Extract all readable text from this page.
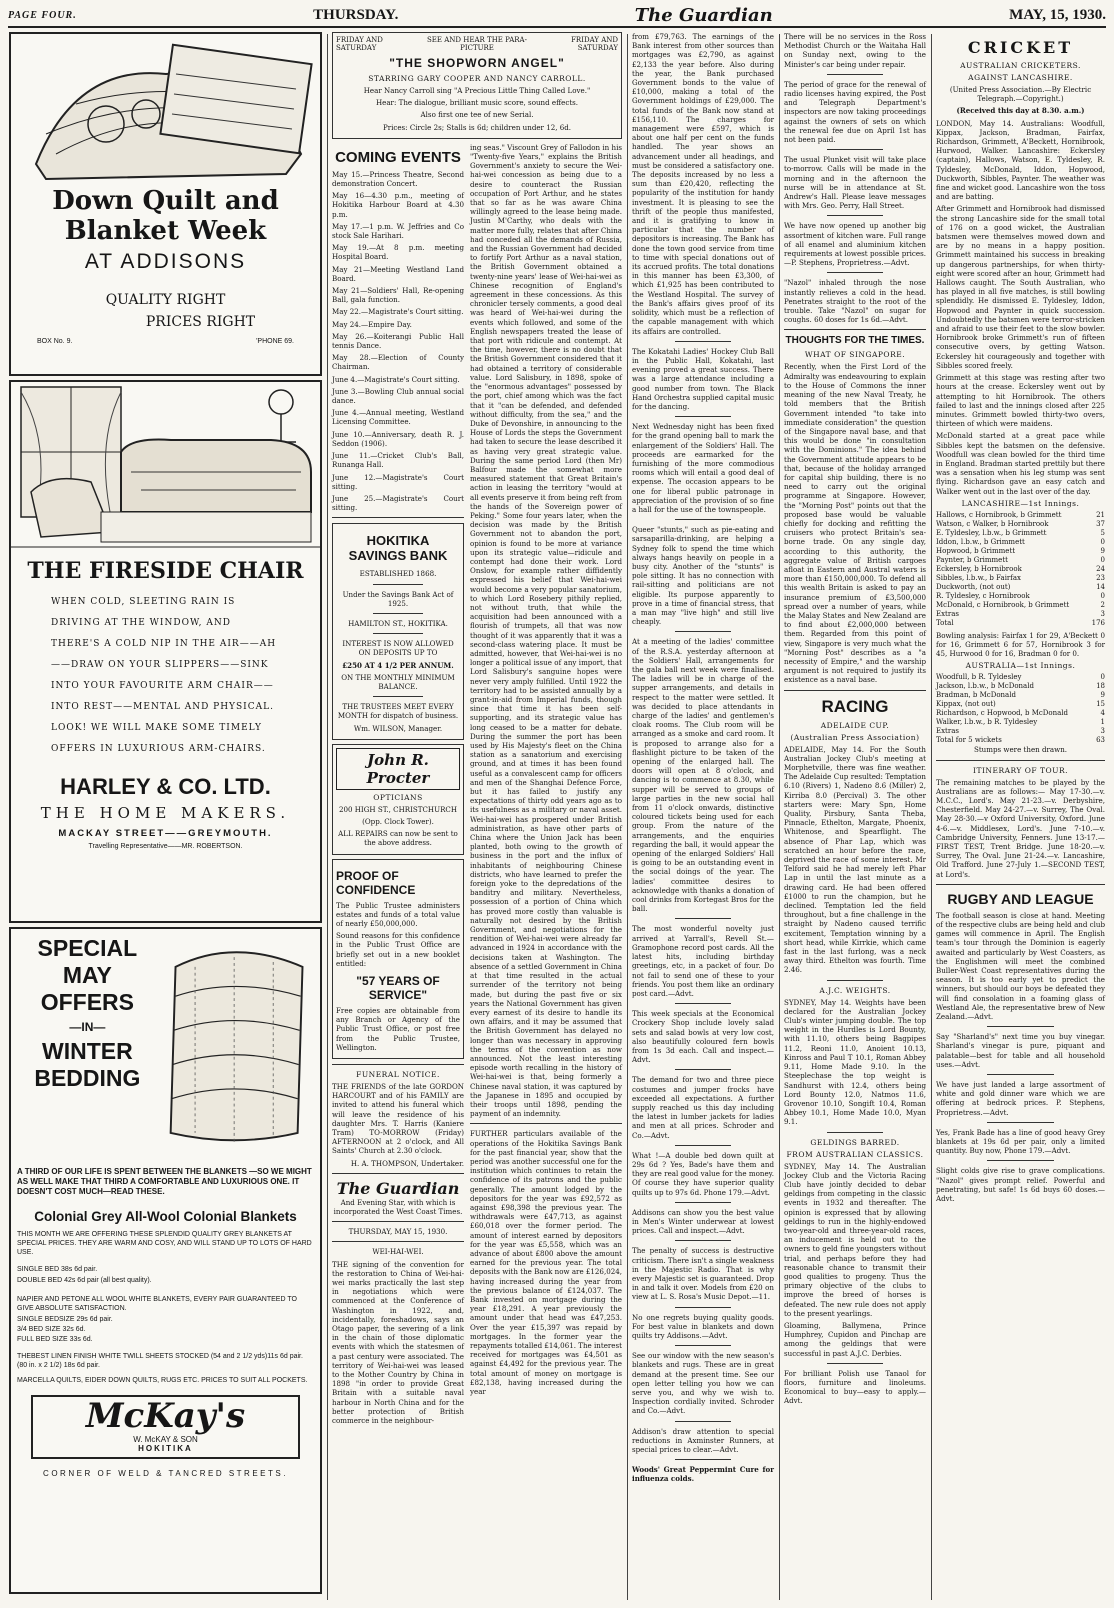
PAGE FOUR.	THURSDAY.	The Guardian	MAY, 15, 1930.
Down Quilt and
Blanket Week
AT ADDISONS
QUALITY RIGHT
PRICES RIGHT
BOX No. 9.	'PHONE 69.
THE FIRESIDE CHAIR
WHEN COLD, SLEETING RAIN IS DRIVING AT THE WINDOW, AND THERE'S A COLD NIP IN THE AIR——AH——DRAW ON YOUR SLIPPERS——SINK INTO YOUR FAVOURITE ARM CHAIR——INTO REST——MENTAL AND PHYSICAL. LOOK! WE WILL MAKE SOME TIMELY OFFERS IN LUXURIOUS ARM-CHAIRS.
HARLEY & CO. LTD.
THE HOME MAKERS.
MACKAY STREET——GREYMOUTH.
Travelling Representative——MR. ROBERTSON.
SPECIAL
MAY
OFFERS
—IN—
WINTER
BEDDING
A THIRD OF OUR LIFE IS SPENT BETWEEN THE BLANKETS —SO WE MIGHT AS WELL MAKE THAT THIRD A COMFORTABLE AND LUXURIOUS ONE. IT DOESN'T COST MUCH—READ THESE.
Colonial Grey All-Wool Colonial Blankets
THIS MONTH WE ARE OFFERING THESE SPLENDID QUALITY GREY BLANKETS AT SPECIAL PRICES. THEY ARE WARM AND COSY, AND WILL STAND UP TO LOTS OF HARD USE.
SINGLE BED 38s 6d pair.
DOUBLE BED 42s 6d pair (all best quality).
NAPIER AND PETONE ALL WOOL WHITE BLANKETS, EVERY PAIR GUARANTEED TO GIVE ABSOLUTE SATISFACTION.
SINGLE BEDSIZE 29s 6d pair.
3/4 BED SIZE 32s 6d.
FULL BED SIZE 33s 6d.
THEBEST LINEN FINISH WHITE TWILL SHEETS STOCKED (54 and 2 1/2 yds)11s 6d pair. (80 in. x 2 1/2) 18s 6d pair.
MARCELLA QUILTS, EIDER DOWN QUILTS, RUGS ETC. PRICES TO SUIT ALL POCKETS.
McKay's
W. McKAY & SON
HOKITIKA
CORNER OF WELD & TANCRED STREETS.
FRIDAY AND SATURDAY
SEE AND HEAR THE PARA- PICTURE
FRIDAY AND SATURDAY
"THE SHOPWORN ANGEL"
STARRING GARY COOPER AND NANCY CARROLL.

Hear Nancy Carroll sing "A Precious Little Thing Called Love."

Hear: The dialogue, brilliant music score, sound effects.

Also first one tee of new Serial.

Prices: Circle 2s; Stalls is 6d; children under 12, 6d.

COMING EVENTS

May 15.—Princess Theatre, Second demonstration Concert.

May 16—4.30 p.m., meeting of Hokitika Harbour Board at 4.30 p.m.

May 17.—1 p.m. W. Jeffries and Co stock Sale Harihari.

May 19.—At 8 p.m. meeting Hospital Board.

May 21—Meeting Westland Land Board.

May 21—Soldiers' Hall, Re-opening Ball, gala function.

May 22.—Magistrate's Court sitting.

May 24.—Empire Day.

May 26.—Koiterangi Public Hall tennis Dance.

May 28.—Election of County Chairman.

June 4.—Magistrate's Court sitting.

June 3.—Bowling Club annual social dance.

June 4.—Annual meeting, Westland Licensing Committee.

June 10.—Anniversary, death R. J. Seddon (1906).

June 11.—Cricket Club's Ball, Runanga Hall.

June 12.—Magistrate's Court sitting.

June 25.—Magistrate's Court sitting.

HOKITIKA
SAVINGS BANK

ESTABLISHED 1868.

Under the Savings Bank Act of 1925.

HAMILTON ST., HOKITIKA.

INTEREST IS NOW ALLOWED ON DEPOSITS UP TO

£250 AT 4 1/2 PER ANNUM.

ON THE MONTHLY MINIMUM BALANCE.

THE TRUSTEES MEET EVERY MONTH for dispatch of business.

Wm. WILSON, Manager.

John R. Procter
OPTICIANS

200 HIGH ST., CHRISTCHURCH

(Opp. Clock Tower).

ALL REPAIRS can now be sent to the above address.

PROOF OF CONFIDENCE

The Public Trustee administers estates and funds of a total value of nearly £50,000,000.

Sound reasons for this confidence in the Public Trust Office are briefly set out in a new booklet entitled:

"57 YEARS OF SERVICE"

Free copies are obtainable from any Branch or Agency of the Public Trust Office, or post free from the Public Trustee, Wellington.

FUNERAL NOTICE.

THE FRIENDS of the late GORDON HARCOURT and of his FAMILY are invited to attend his funeral which will leave the residence of his daughter Mrs. T. Harris (Kaniere Tram) TO-MORROW (Friday) AFTERNOON at 2 o'clock, and All Saints' Church at 2.30 o'clock.

H. A. THOMPSON, Undertaker.

The Guardian

And Evening Star, with which is incorporated the West Coast Times.

THURSDAY, MAY 15, 1930.

WEI-HAI-WEI.

THE signing of the convention for the restoration to China of Wei-hai-wei marks practically the last step in negotiations which were commenced at the Conference of Washington in 1922, and, incidentally, foreshadows, says an Otago paper, the severing of a link in the chain of those diplomatic events with which the statesmen of a past century were associated. The territory of Wei-hai-wei was leased to the Mother Country by China in 1898 "in order to provide Great Britain with a suitable naval harbour in North China and for the better protection of British commerce in the neighbour-

ing seas." Viscount Grey of Fallodon in his "Twenty-five Years," explains the British Government's anxiety to secure the Wei-hai-wei concession as being due to a desire to counteract the Russian occupation of Port Arthur, and he states that so far as he was aware China willingly agreed to the lease being made. Justin M'Carthy, who deals with the matter more fully, relates that after China had conceded all the demands of Russia, and the Russian Government had decided to fortify Port Arthur as a naval station, the British Government obtained a twenty-nine years' lease of Wei-hai-wei as Chinese recognition of England's agreement in these concessions. As this chronicler tersely comments, a good deal was heard of Wei-hai-wei during the events which followed, and some of the English newspapers treated the lease of that port with ridicule and contempt. At the time, however, there is no doubt that the British Government considered that it had obtained a territory of considerable value. Lord Salisbury, in 1898, spoke of the "enormous advantages" possessed by the port, chief among which was the fact that it "can be defended, and defended without difficulty, from the sea," and the Duke of Devonshire, in announcing to the House of Lords the steps the Government had taken to secure the lease described it as having very great strategic value. During the same period Lord (then Mr) Balfour made the somewhat more measured statement that Great Britain's action in leasing the territory "would at all events preserve it from being reft from the hands of the Sovereign power of Peking." Some four years later, when the decision was made by the British Government not to abandon the port, opinion is found to be more at variance upon its strategic value—ridicule and contempt had done their work. Lord Onslow, for example rather diffidently expressed his belief that Wei-hai-wei would become a very popular sanatorium, to which Lord Rosebery pithily replied, not without truth, that while the acquisition had been announced with a flourish of trumpets, all that was now thought of it was apparently that it was a second-class watering place. It must be admitted, however, that Wei-hai-wei is no longer a political issue of any import, that Lord Salisbury's sanguine hopes were never very amply fulfilled. Until 1922 the territory had to be assisted annually by a grant-in-aid from Imperial funds, though since that time it has been self-supporting, and its strategic value has long ceased to be a matter for debate. During the summer the port has been used by His Majesty's fleet on the China station as a sanatorium and exercising ground, and at times it has been found useful as a convalescent camp for officers and men of the Shanghai Defence Force, but it has failed to justify any expectations of thirty odd years ago as to its usefulness as a military or naval asset. Wei-hai-wei has prospered under British administration, as have other parts of China where the Union Jack has been planted, both owing to the growth of business in the port and the influx of inhabitants of neighbouring Chinese districts, who have learned to prefer the foreign yoke to the depredations of the banditry and military. Nevertheless, possession of a portion of China which has proved more costly than valuable is naturally not desired by the British Government, and negotiations for the rendition of Wei-hai-wei were already far advanced in 1924 in accordance with the decisions taken at Washington. The absence of a settled Government in China at that time resulted in the actual surrender of the territory not being made, but during the past five or six years the National Government has given every earnest of its desire to handle its own affairs, and it may be assumed that the British Government has delayed no longer than was necessary in approving the terms of the convention as now announced. Not the least interesting episode worth recalling in the history of Wei-hai-wei is that, being formerly a Chinese naval station, it was captured by the Japanese in 1895 and occupied by their troops until 1898, pending the payment of an indemnity.

FURTHER particulars available of the operations of the Hokitika Savings Bank for the past financial year, show that the period was another successful one for the institution which continues to retain the confidence of its patrons and the public generally. The amount lodged by the depositors for the year was £92,572 as against £98,398 the previous year. The withdrawals were £47,713, as against £60,018 over the former period. The amount of interest earned by depositors for the year was £5,558, which was an advance of about £800 above the amount earned for the previous year. The total deposits with the Bank now are £126,024, having increased during the year from the previous balance of £124,037. The Bank invested on mortgage during the year £18,291. A year previously the amount under that head was £47,253. Over the year £15,397 was repaid by mortgages. In the former year the repayments totalled £14,061. The interest received for mortgages was £4,501 as against £4,492 for the previous year. The total amount of money on mortgage is £82,138, having increased during the year

from £79,763. The earnings of the Bank interest from other sources than mortgages was £2,790, as against £2,133 the year before. Also during the year, the Bank purchased Government bonds to the value of £10,000, making a total of the Government holdings of £29,000. The total funds of the Bank now stand at £156,110. The charges for management were £597, which is about one half per cent on the funds handled. The year shows an advancement under all headings, and must be considered a satisfactory one. The deposits increased by no less a sum than £20,420, reflecting the popularity of the institution for handy investment. It is pleasing to see the thrift of the people thus manifested, and it is gratifying to know in particular that the number of depositors is increasing. The Bank has done the town good service from time to time with special donations out of its accrued profits. The total donations in this manner has been £3,300, of which £1,925 has been contributed to the Westland Hospital. The survey of the Bank's affairs gives proof of its solidity, which must be a reflection of the capable management with which its affairs are controlled.

The Kokatahi Ladies' Hockey Club Ball in the Public Hall, Kokatahi, last evening proved a great success. There was a large attendance including a good number from town. The Black Hand Orchestra supplied capital music for the dancing.

Next Wednesday night has been fixed for the grand opening ball to mark the enlargement of the Soldiers' Hall. The proceeds are earmarked for the furnishing of the more commodious rooms which will entail a good deal of expense. The occasion appears to be one for liberal public patronage in appreciation of the provision of so fine a hall for the use of the townspeople.

Queer "stunts," such as pie-eating and sarsaparilla-drinking, are helping a Sydney folk to spend the time which always hangs heavily on people in a busy city. Another of the "stunts" is pole sitting. It has no connection with rail-sitting and politicians are not eligible. Its purpose apparently to prove in a time of financial stress, that a man may "live high" and still live cheaply.

At a meeting of the ladies' committee of the R.S.A. yesterday afternoon at the Soldiers' Hall, arrangements for the gala ball next week were finalised. The ladies will be in charge of the supper arrangements, and details in respect to the matter were settled. It was decided to place attendants in charge of the ladies' and gentlemen's cloak rooms. The Club room will be arranged as a smoke and card room. It is proposed to arrange also for a flashlight picture to be taken of the opening of the enlarged hall. The doors will open at 8 o'clock, and dancing is to commence at 8.30, while supper will be served to groups of large parties in the new social hall from 11 o'clock onwards, distinctive coloured tickets being used for each group. From the nature of the arrangements, and the enquiries regarding the ball, it would appear the opening of the enlarged Soldiers' Hall is going to be an outstanding event in the social doings of the year. The ladies' committee desires to acknowledge with thanks a donation of cool drinks from Kortegast Bros for the ball.

The most wonderful novelty just arrived at Yarrall's, Revell St.—Gramophone record post cards. All the latest hits, including birthday greetings, etc, in a packet of four. Do not fail to send one of these to your friends. You post them like an ordinary post card.—Advt.

This week specials at the Economical Crockery Shop include lovely salad sets and salad bowls at very low cost, also beautifully coloured fern bowls from 1s 3d each. Call and inspect.—Advt.

The demand for two and three piece costumes and jumper frocks have exceeded all expectations. A further supply reached us this day including the latest in lumber jackets for ladies and men at all prices. Schroder and Co.—Advt.

What !—A double bed down quilt at 29s 6d ? Yes, Bade's have them and they are real good value for the money. Of course they have superior quality quilts up to 97s 6d. Phone 179.—Advt.

Addisons can show you the best value in Men's Winter underwear at lowest prices. Call and inspect.—Advt.

The penalty of success is destructive criticism. There isn't a single weakness in the Majestic Radio. That is why every Majestic set is guaranteed. Drop in and talk it over. Models from £20 on view at L. S. Rosa's Music Depot.—11.

No one regrets buying quality goods. For best value in blankets and down quilts try Addisons.—Advt.

See our window with the new season's blankets and rugs. These are in great demand at the present time. See our open letter telling you how we can serve you, and why we wish to. Inspection cordially invited. Schroder and Co.—Advt.

Addison's draw attention to special reductions in Axminster Runners, at special prices to clear.—Advt.

Woods' Great Peppermint Cure for influenza colds.

There will be no services in the Ross Methodist Church or the Waitaha Hall on Sunday next, owing to the Minister's car being under repair.

The period of grace for the renewal of radio licenses having expired, the Post and Telegraph Department's inspectors are now taking proceedings against the owners of sets on which the renewal fee due on April 1st has not been paid.

The usual Plunket visit will take place to-morrow. Calls will be made in the morning and in the afternoon the nurse will be in attendance at St. Andrew's Hall. Please leave messages with Mrs. Geo. Perry, Hall Street.

We have now opened up another big assortment of kitchen ware. Full range of all enamel and aluminium kitchen requirements at lowest possible prices.—P. Stephens, Proprietress.—Advt.

"Nazol" inhaled through the nose instantly relieves a cold in the head. Penetrates straight to the root of the trouble. Take "Nazol" on sugar for coughs. 60 doses for 1s 6d.—Advt.

THOUGHTS FOR THE TIMES.
WHAT OF SINGAPORE.

Recently, when the First Lord of the Admiralty was endeavouring to explain to the House of Commons the inner meaning of the new Naval Treaty, he told members that the British Government intended "to take into immediate consideration" the question of the Singapore naval base, and that this would be done "in consultation with the Dominions." The idea behind the Government attitude appears to be that, because of the holiday arranged for capital ship building, there is no need to carry out the original programme at Singapore. However, the "Morning Post" points out that the proposed base would be valuable chiefly for docking and refitting the cruisers who protect Britain's sea-borne trade. On any single day, according to this authority, the aggregate value of British cargoes afloat in Eastern and Austral waters is more than £150,000,000. To defend all this wealth Britain is asked to pay an insurance premium of £3,500,000 spread over a number of years, while the Malay States and New Zealand are to find about £2,000,000 between them. Regarded from this point of view, Singapore is very much what the "Morning Post" describes as a "a necessity of Empire," and the warship argument is not required to justify its existence as a naval base.

RACING
ADELAIDE CUP.
(Australian Press Association)

ADELAIDE, May 14. For the South Australian Jockey Club's meeting at Morphetville, there was fine weather. The Adelaide Cup resulted: Temptation 6.10 (Rivers) 1, Nadeno 8.6 (Miller) 2, Kirriba 8.0 (Percival) 3. The other starters were: Mary Spn, Home Quality, Pirsbury, Santa Theba, Pinnacle, Ethelton, Margate, Phoenix, Whitenose, and Spearflight. The absence of Phar Lap, which was scratched an hour before the race, deprived the race of some interest. Mr Telford said he had merely left Phar Lap in until the last minute as a drawing card. He had been offered £1000 to run the champion, but he declined. Temptation led the field throughout, but a fine challenge in the straight by Nadeno caused terrific excitement, Temptation winning by a short head, while Kirrkie, which came fast in the last furlong, was a neck away third. Ethelton was fourth. Time 2.46.

A.J.C. WEIGHTS.

SYDNEY, May 14. Weights have been declared for the Australian Jockey Club's winter jumping double. The top weight in the Hurdles is Lord Bounty, with 11.10, others being Bagpipes 11.2, Reoni 11.0, Anoient 10.13, Kinross and Paul T 10.1, Roman Abbey 9.11, Home Made 9.10. In the Steeplechase the top weight is Sandhurst with 12.4, others being Lord Bounty 12.0, Natmos 11.6, Grovenor 10.10, Songift 10.4, Roman Abbey 10.1, Home Made 10.0, Myan 9.1.

GELDINGS BARRED.
FROM AUSTRALIAN CLASSICS.

SYDNEY, May 14. The Australian Jockey Club and the Victoria Racing Club have jointly decided to debar geldings from competing in the classic events in 1932 and thereafter. The opinion is expressed that by allowing geldings to run in the highly-endowed two-year-old and three-year-old races, an inducement is held out to the owners to geld fine youngsters without trial, and perhaps before they had reasonable chance to transmit their good qualities to progeny. Thus the primary objective of the clubs to improve the breed of horses is defeated. The new rule does not apply to the present yearlings.

Gloaming, Ballymena, Prince Humphrey, Cupidon and Pinchap are among the geldings that were successful in past A.J.C. Derbies.

For brilliant Polish use Tanaol for floors, furniture and linoleums. Economical to buy—easy to apply.—Advt.

CRICKET
AUSTRALIAN CRICKETERS.
AGAINST LANCASHIRE.

(United Press Association.—By Electric Telegraph.—Copyright.)

(Received this day at 8.30. a.m.)

LONDON, May 14. Australians: Woodfull, Kippax, Jackson, Bradman, Fairfax, Richardson, Grimmett, A'Beckett, Hornibrook, Hurwood, Walker. Lancashire: Eckersley (captain), Hallows, Watson, E. Tyldesley, R. Tyldesley, McDonald, Iddon, Hopwood, Duckworth, Sibbles, Paynter. The weather was fine and wicket good. Lancashire won the toss and are batting.

After Grimmett and Hornibrook had dismissed the strong Lancashire side for the small total of 176 on a good wicket, the Australian batsmen were themselves mowed down and are by no means in a happy position. Grimmett maintained his success in breaking up dangerous partnerships, for when thirty-eight were scored after an hour, Grimmett had Hallows caught. The South Australian, who has played in all five matches, is still bowling splendidly. He dismissed E. Tyldesley, Iddon, Hopwood and Paynter in quick succession. Undoubtedly the batsmen were terror-stricken and afraid to use their feet to the slow bowler. Hornibrook broke Grimmett's run of fifteen consecutive overs, by getting Watson. Eckersley hit courageously and together with Sibbles scored freely.

Grimmett at this stage was resting after two hours at the crease. Eckersley went out by attempting to hit Hornibrook. The others failed to last and the innings closed after 225 minutes. Grimmett bowled thirty-two overs, thirteen of which were maidens.

McDonald started at a great pace while Sibbles kept the batsmen on the defensive. Woodfull was clean bowled for the third time in England. Bradman started prettily but there was a sensation when his leg stump was sent flying. Richardson gave an easy catch and Walker went out in the last over of the day.

LANCASHIRE—1st Innings.
Hallows, c Hornibrook, b Grimmett	21
Watson, c Walker, b Hornibrook	37
E. Tyldesley, l.b.w., b Grimmett	5
Iddon, l.b.w., b Grimmett	0
Hopwood, b Grimmett	9
Paynter, b Grimmett	0
Eckersley, b Hornibrook	24
Sibbles, l.b.w., b Fairfax	23
Duckworth, (not out)	14
R. Tyldesley, c Hornibrook	0
McDonald, c Hornibrook, b Grimmett	2
Extras	3
Total	176

Bowling analysis: Fairfax 1 for 29, A'Beckett 0 for 16, Grimmett 6 for 57, Hornibrook 3 for 45, Hurwood 0 for 16, Bradman 0 for 0.

AUSTRALIA—1st Innings.
Woodfull, b R. Tyldesley	0
Jackson, l.b.w., b McDonald	18
Bradman, b McDonald	9
Kippax, (not out)	15
Richardson, c Hopwood, b McDonald	4
Walker, l.b.w., b R. Tyldesley	1
Extras	3
Total for 5 wickets	63

Stumps were then drawn.

ITINERARY OF TOUR.

The remaining matches to be played by the Australians are as follows:— May 17-30.—v. M.C.C., Lord's. May 21-23.—v. Derbyshire, Chesterfield. May 24-27.—v. Surrey, The Oval. May 28-30.—v Oxford University, Oxford. June 4-6.—v. Middlesex, Lord's. June 7-10.—v. Cambridge University, Fenners. June 13-17.—FIRST TEST, Trent Bridge. June 18-20.—v. Surrey, The Oval. June 21-24.—v. Lancashire, Old Trafford. June 27-July 1.—SECOND TEST, at Lord's.

RUGBY AND LEAGUE

The football season is close at hand. Meeting of the respective clubs are being held and club games will commence in April. The English team's tour through the Dominion is eagerly awaited and particularly by West Coasters, as the Englishmen will meet the combined Buller-West Coast representatives during the season. It is too early yet to predict the winners, but should our boys be defeated they will find consolation in a foaming glass of Westland Ale, the representative brew of New Zealand.—Advt.

Say "Sharland's" next time you buy vinegar. Sharland's vinegar is pure, piquant and palatable—best for table and all household uses.—Advt.

We have just landed a large assortment of white and gold dinner ware which we are offering at bedrock prices. P. Stephens, Proprietress.—Advt.

Yes, Frank Bade has a line of good heavy Grey blankets at 19s 6d per pair, only a limited quantity. Buy now, Phone 179.—Advt.

Slight colds give rise to grave complications. "Nazol" gives prompt relief. Powerful and penetrating, but safe! 1s 6d buys 60 doses.—Advt.
